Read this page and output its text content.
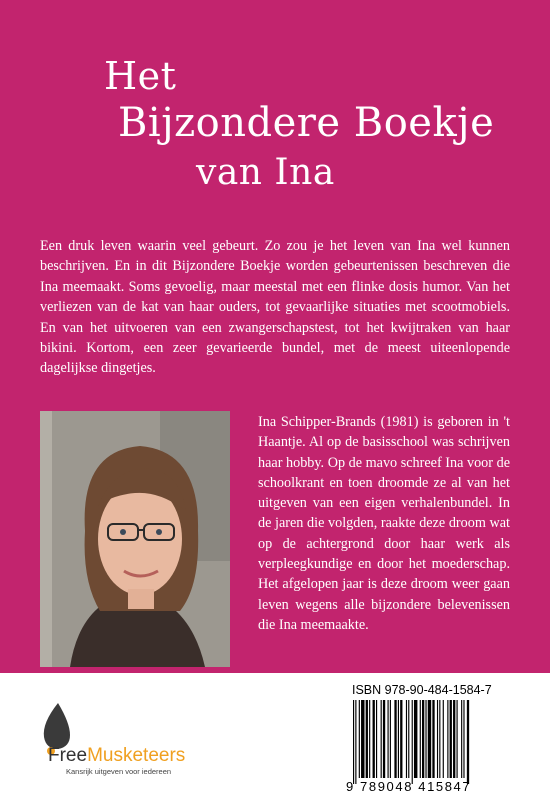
Het
Bijzondere Boekje
van Ina

Een druk leven waarin veel gebeurt. Zo zou je het leven van Ina wel kunnen beschrijven. En in dit Bijzondere Boekje worden gebeurtenissen beschreven die Ina meemaakt. Soms gevoelig, maar meestal met een flinke dosis humor. Van het verliezen van de kat van haar ouders, tot gevaarlijke situaties met scootmobiels. En van het uitvoeren van een zwangerschapstest, tot het kwijtraken van haar bikini. Kortom, een zeer gevarieerde bundel, met de meest uiteenlopende dagelijkse dingetjes.

Ina Schipper-Brands (1981) is geboren in 't Haantje. Al op de basisschool was schrijven haar hobby. Op de mavo schreef Ina voor de schoolkrant en toen droomde ze al van het uitgeven van een eigen verhalenbundel. In de jaren die volgden, raakte deze droom wat op de achtergrond door haar werk als verpleegkundige en door het moederschap. Het afgelopen jaar is deze droom weer gaan leven wegens alle bijzondere belevenissen die Ina meemaakte.

FreeMusketeers
Kansrijk uitgeven voor iedereen
ISBN 978-90-484-1584-7
9 789048 415847
